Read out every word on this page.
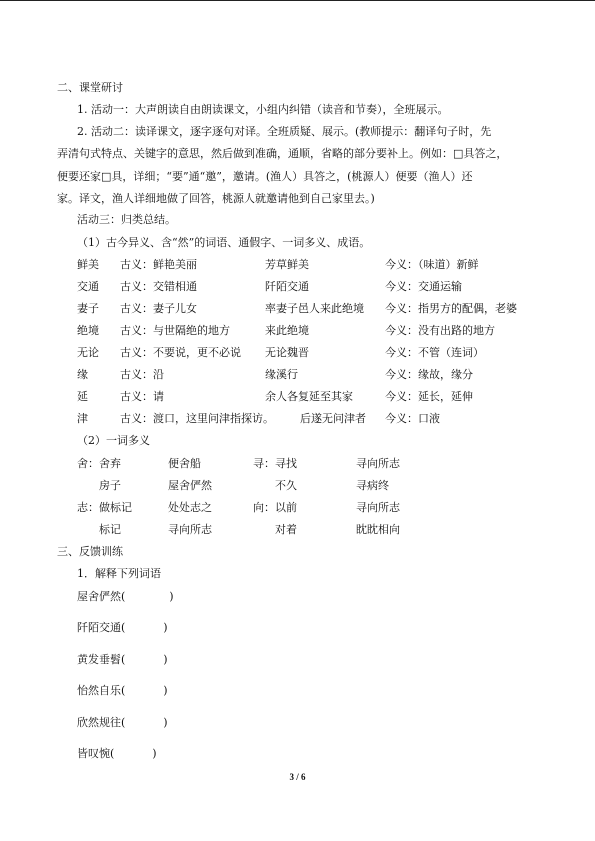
二、课堂研讨
1. 活动一：大声朗读自由朗读课文，小组内纠错（读音和节奏），全班展示。
2. 活动二：读译课文，逐字逐句对译。全班质疑、展示。(教师提示：翻译句子时，先
弄清句式特点、关键字的意思，然后做到准确，通顺，省略的部分要补上。例如：□具答之，
便要还家□具，详细；“要”通“邀”，邀请。(渔人）具答之，(桃源人）便要（渔人）还
家。译文，渔人详细地做了回答，桃源人就邀请他到自己家里去。)
活动三：归类总结。
（1）古今异义、含“然”的词语、通假字、一词多义、成语。
鲜美 古义：鲜艳美丽	芳草鲜美	今义：（味道）新鲜
交通 古义：交错相通	阡陌交通	今义：交通运输
妻子 古义：妻子儿女	率妻子邑人来此绝境 今义：指男方的配偶，老婆
绝境 古义：与世隔绝的地方	来此绝境	今义：没有出路的地方
无论 古义：不要说，更不必说 无论魏晋	今义：不管（连词）
缘	古义：沿	缘溪行	今义：缘故，缘分
延	古义：请	余人各复延至其家	今义：延长，延伸
津	古义：渡口，这里问津指探访。 后遂无问津者 今义：口液
（2）一词多义
舍：舍弃	便舍船	寻：寻找	寻向所志
房子	屋舍俨然	不久	寻病终
志：做标记	处处志之	向：以前	寻向所志
标记	寻向所志	对着	眈眈相向
三、反馈训练
1．解释下列词语
屋舍俨然(	)
阡陌交通(	)
黄发垂髫(	)
怡然自乐(	)
欣然规往(	)
皆叹惋(	)
3 / 6
